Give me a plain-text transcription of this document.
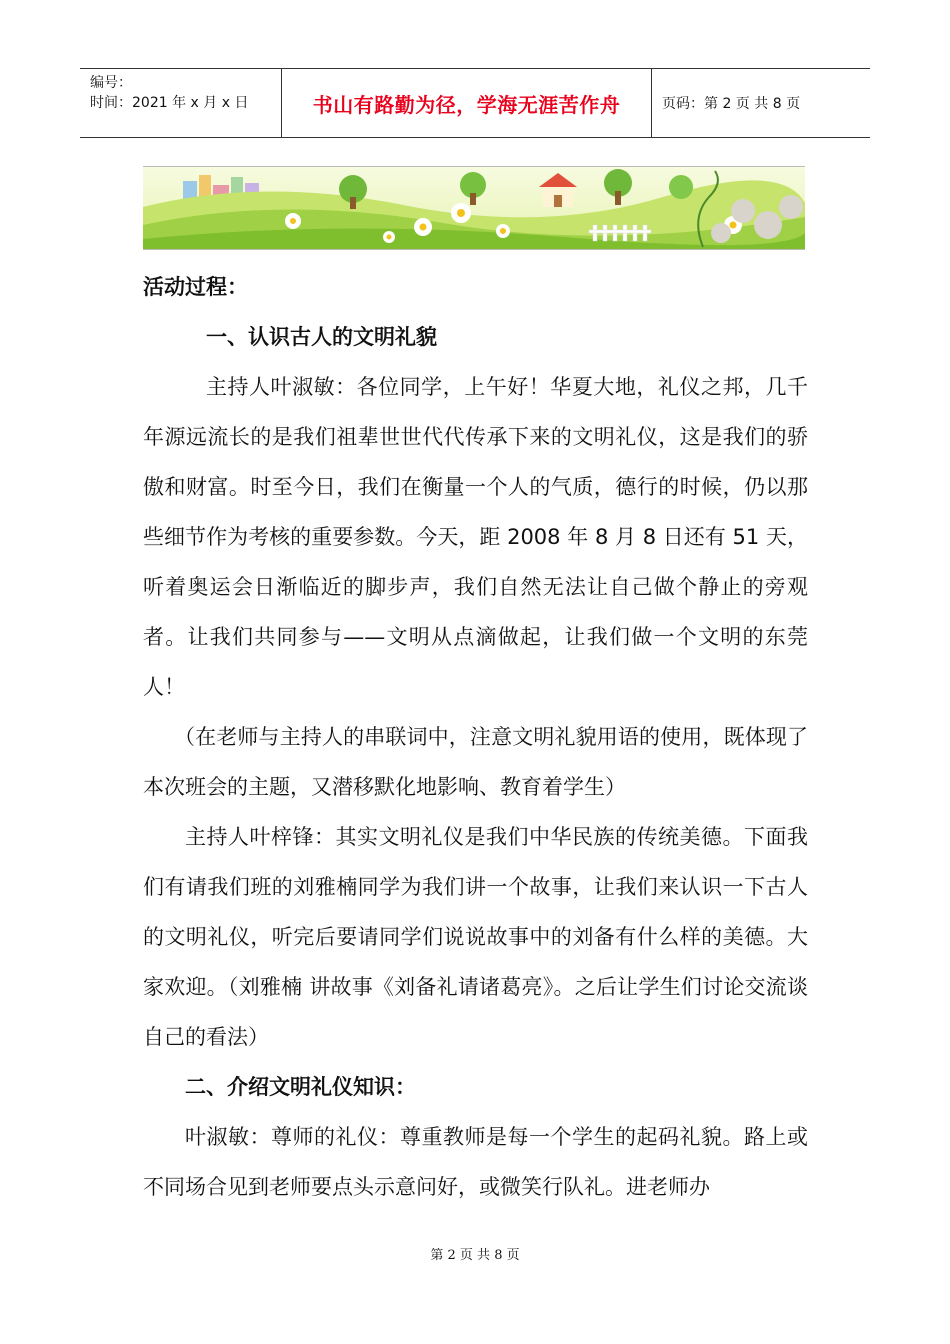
编号：
时间：2021 年 x 月 x 日	书山有路勤为径，学海无涯苦作舟	页码：第 2 页 共 8 页

活动过程：

一、认识古人的文明礼貌

主持人叶淑敏：各位同学，上午好！华夏大地，礼仪之邦，几千年源远流长的是我们祖辈世世代代传承下来的文明礼仪，这是我们的骄傲和财富。时至今日，我们在衡量一个人的气质，德行的时候，仍以那些细节作为考核的重要参数。今天，距 2008 年 8 月 8 日还有 51 天，听着奥运会日渐临近的脚步声，我们自然无法让自己做个静止的旁观者。让我们共同参与——文明从点滴做起，让我们做一个文明的东莞人！

（在老师与主持人的串联词中，注意文明礼貌用语的使用，既体现了本次班会的主题，又潜移默化地影响、教育着学生）

主持人叶梓锋：其实文明礼仪是我们中华民族的传统美德。下面我们有请我们班的刘雅楠同学为我们讲一个故事，让我们来认识一下古人的文明礼仪，听完后要请同学们说说故事中的刘备有什么样的美德。大家欢迎。（刘雅楠 讲故事《刘备礼请诸葛亮》。之后让学生们讨论交流谈自己的看法）

二、介绍文明礼仪知识：

叶淑敏：尊师的礼仪：尊重教师是每一个学生的起码礼貌。路上或不同场合见到老师要点头示意问好，或微笑行队礼。进老师办

第 2 页 共 8 页
